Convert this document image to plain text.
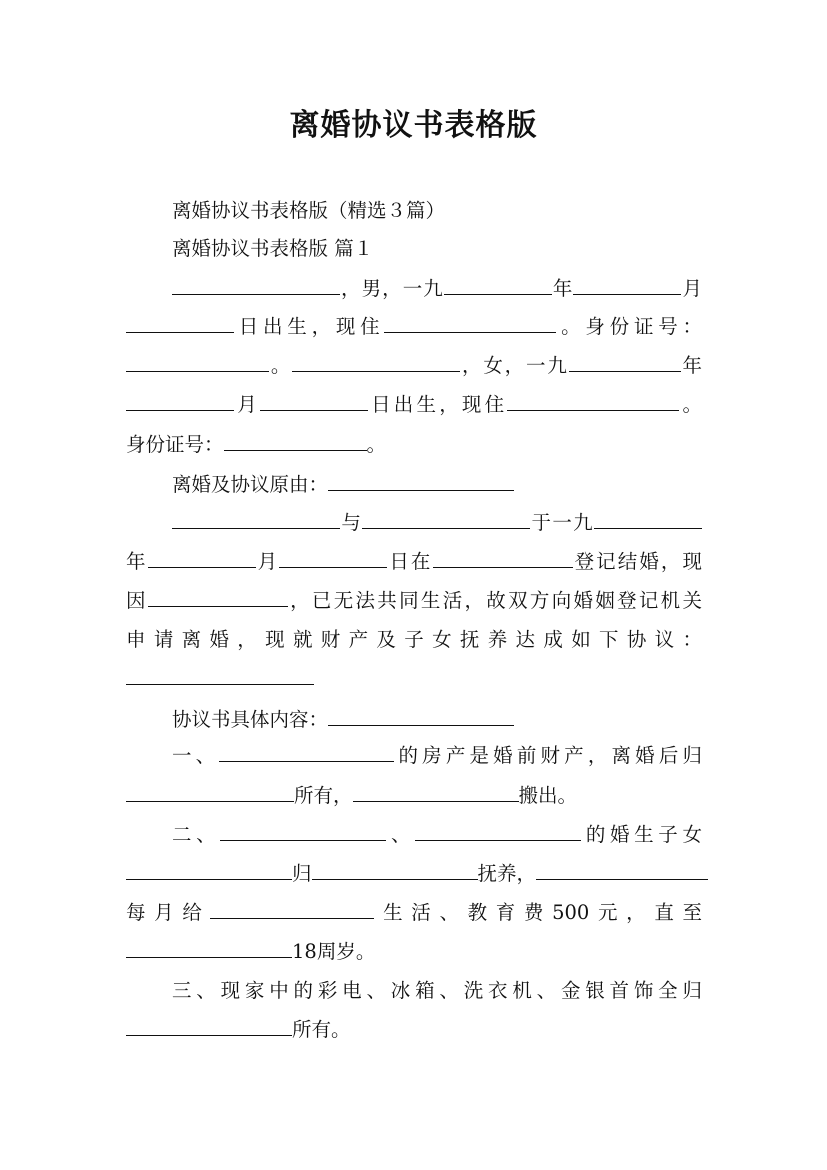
离婚协议书表格版
离婚协议书表格版（精选３篇）
离婚协议书表格版 篇１
，男，一九	年	月
日出生，现住	。身份证号：
。	，女，一九	年
月	日出生，现住	。
身份证号：	。
离婚及协议原由：
与	于一九
年	月	日在	登记结婚，现
因	，已无法共同生活，故双方向婚姻登记机关
申请离婚，现就财产及子女抚养达成如下协议：
协议书具体内容：
一、	的房产是婚前财产，离婚后归
所有，	搬出。
二、	、	的婚生子女
归	抚养，
每月给	生活、教育费500元，直至
18周岁。
三、现家中的彩电、冰箱、洗衣机、金银首饰全归
所有。
